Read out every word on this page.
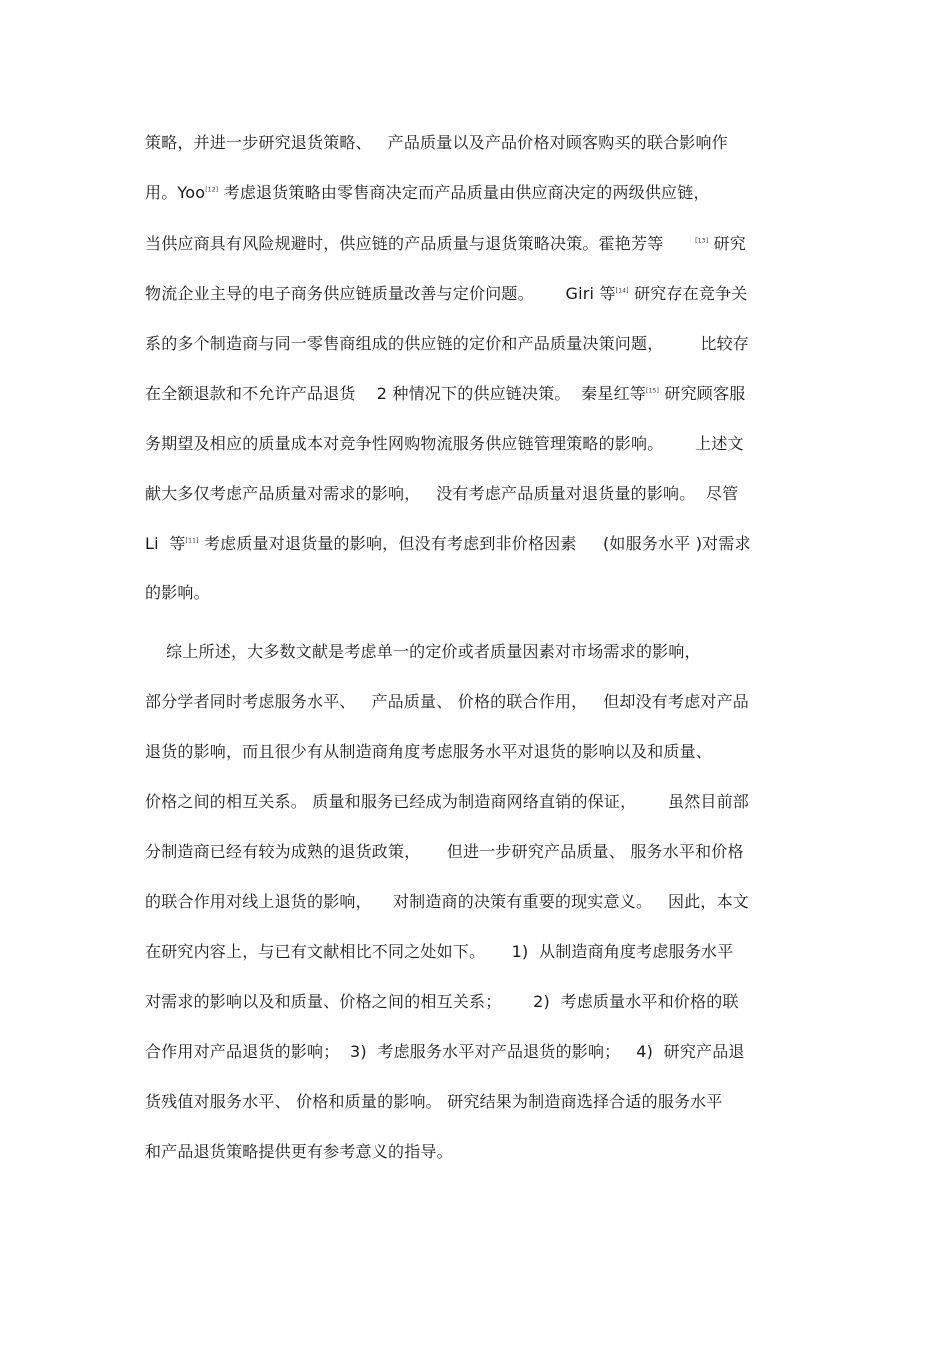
策略，并进一步研究退货策略、   产品质量以及产品价格对顾客购买的联合影响作
用。Yoo[12] 考虑退货策略由零售商决定而产品质量由供应商决定的两级供应链，
当供应商具有风险规避时，供应链的产品质量与退货策略决策。霍艳芳等      [13] 研究
物流企业主导的电子商务供应链质量改善与定价问题。      Giri 等[14] 研究存在竞争关
系的多个制造商与同一零售商组成的供应链的定价和产品质量决策问题，       比较存
在全额退款和不允许产品退货    2 种情况下的供应链决策。  秦星红等[15] 研究顾客服
务期望及相应的质量成本对竞争性网购物流服务供应链管理策略的影响。      上述文
献大多仅考虑产品质量对需求的影响，   没有考虑产品质量对退货量的影响。  尽管
Li  等[11] 考虑质量对退货量的影响，但没有考虑到非价格因素     (如服务水平 )对需求
的影响。
综上所述，大多数文献是考虑单一的定价或者质量因素对市场需求的影响，
部分学者同时考虑服务水平、   产品质量、 价格的联合作用，   但却没有考虑对产品
退货的影响，而且很少有从制造商角度考虑服务水平对退货的影响以及和质量、
价格之间的相互关系。 质量和服务已经成为制造商网络直销的保证，      虽然目前部
分制造商已经有较为成熟的退货政策，     但进一步研究产品质量、 服务水平和价格
的联合作用对线上退货的影响，    对制造商的决策有重要的现实意义。   因此，本文
在研究内容上，与已有文献相比不同之处如下。     1)  从制造商角度考虑服务水平
对需求的影响以及和质量、价格之间的相互关系；      2)  考虑质量水平和价格的联
合作用对产品退货的影响；  3)  考虑服务水平对产品退货的影响；   4)  研究产品退
货残值对服务水平、 价格和质量的影响。 研究结果为制造商选择合适的服务水平
和产品退货策略提供更有参考意义的指导。
